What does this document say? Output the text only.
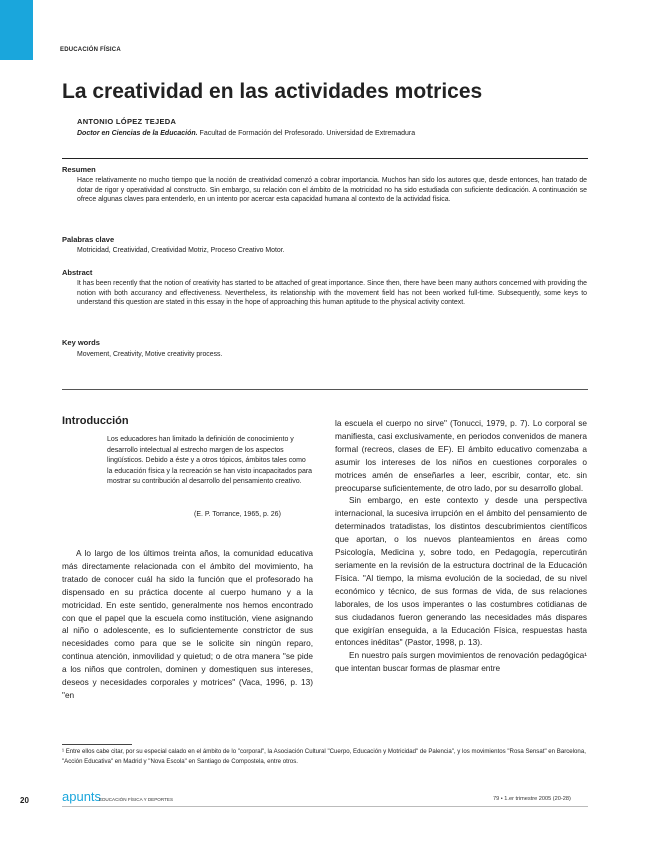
EDUCACIÓN FÍSICA
La creatividad en las actividades motrices
ANTONIO LÓPEZ TEJEDA
Doctor en Ciencias de la Educación. Facultad de Formación del Profesorado. Universidad de Extremadura
Resumen

Hace relativamente no mucho tiempo que la noción de creatividad comenzó a cobrar importancia. Muchos han sido los autores que, desde entonces, han tratado de dotar de rigor y operatividad al constructo. Sin embargo, su relación con el ámbito de la motricidad no ha sido estudiada con suficiente dedicación. A continuación se ofrece algunas claves para entenderlo, en un intento por acercar esta capacidad humana al contexto de la actividad física.

Palabras clave

Motricidad, Creatividad, Creatividad Motriz, Proceso Creativo Motor.

Abstract

It has been recently that the notion of creativity has started to be attached of great importance. Since then, there have been many authors concerned with providing the notion with both accurancy and effectiveness. Nevertheless, its relationship with the movement field has not been worked full-time. Subsequently, some keys to understand this question are stated in this essay in the hope of approaching this human aptitude to the physical activity context.

Key words

Movement, Creativity, Motive creativity process.

Introducción

Los educadores han limitado la definición de conocimiento y desarrollo intelectual al estrecho margen de los aspectos lingüísticos. Debido a éste y a otros tópicos, ámbitos tales como la educación física y la recreación se han visto incapacitados para mostrar su contribución al desarrollo del pensamiento creativo.

(E. P. Torrance, 1965, p. 26)

A lo largo de los últimos treinta años, la comunidad educativa más directamente relacionada con el ámbito del movimiento, ha tratado de conocer cuál ha sido la función que el profesorado ha dispensado en su práctica docente al cuerpo humano y a la motricidad. En este sentido, generalmente nos hemos encontrado con que el papel que la escuela como institución, viene asignando al niño o adolescente, es lo suficientemente constrictor de sus necesidades como para que se le solicite sin ningún reparo, continua atención, inmovilidad y quietud; o de otra manera "se pide a los niños que controlen, dominen y domestiquen sus intereses, deseos y necesidades corporales y motrices" (Vaca, 1996, p. 13) "en

la escuela el cuerpo no sirve" (Tonucci, 1979, p. 7). Lo corporal se manifiesta, casi exclusivamente, en periodos convenidos de manera formal (recreos, clases de EF). El ámbito educativo comenzaba a asumir los intereses de los niños en cuestiones corporales o motrices amén de enseñarles a leer, escribir, contar, etc. sin preocuparse suficientemente, de otro lado, por su desarrollo global.

Sin embargo, en este contexto y desde una perspectiva internacional, la sucesiva irrupción en el ámbito del pensamiento de determinados tratadistas, los distintos descubrimientos científicos que aportan, o los nuevos planteamientos en áreas como Psicología, Medicina y, sobre todo, en Pedagogía, repercutirán seriamente en la revisión de la estructura doctrinal de la Educación Física. "Al tiempo, la misma evolución de la sociedad, de su nivel económico y técnico, de sus formas de vida, de sus relaciones laborales, de los usos imperantes o las costumbres cotidianas de sus ciudadanos fueron generando las necesidades más dispares que exigirían enseguida, a la Educación Física, respuestas hasta entonces inéditas" (Pastor, 1998, p. 13).

En nuestro país surgen movimientos de renovación pedagógica¹ que intentan buscar formas de plasmar entre

¹ Entre ellos cabe citar, por su especial calado en el ámbito de lo "corporal", la Asociación Cultural "Cuerpo, Educación y Motricidad" de Palencia", y los movimientos "Rosa Sensat" en Barcelona, "Acción Educativa" en Madrid y "Nova Escola" en Santiago de Compostela, entre otros.

20	apunts
EDUCACIÓN FÍSICA Y DEPORTES	79 • 1.er trimestre 2005 (20-28)
